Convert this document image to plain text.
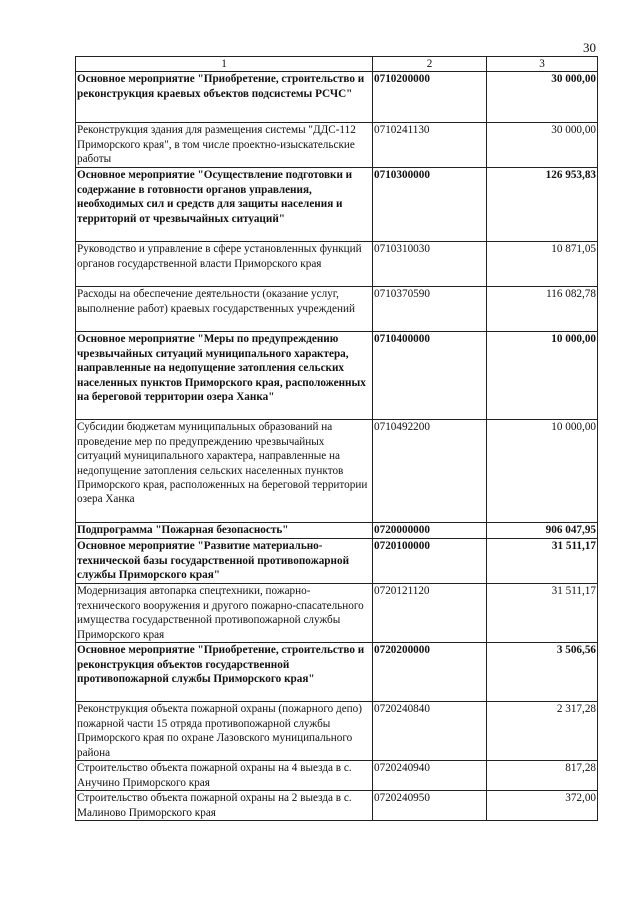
30
1	2	3
Основное мероприятие "Приобретение, строительство и реконструкция краевых объектов подсистемы РСЧС"	0710200000	30 000,00
Реконструкция здания для размещения системы "ДДС-112 Приморского края", в том числе проектно-изыскательские работы	0710241130	30 000,00
Основное мероприятие "Осуществление подготовки и содержание в готовности органов управления, необходимых сил и средств для защиты населения и территорий от чрезвычайных ситуаций"	0710300000	126 953,83
Руководство и управление в сфере установленных функций органов государственной власти Приморского края	0710310030	10 871,05
Расходы на обеспечение деятельности (оказание услуг, выполнение работ) краевых государственных учреждений	0710370590	116 082,78
Основное мероприятие "Меры по предупреждению чрезвычайных ситуаций муниципального характера, направленные на недопущение затопления сельских населенных пунктов Приморского края, расположенных на береговой территории озера Ханка"	0710400000	10 000,00
Субсидии бюджетам муниципальных образований на проведение мер по предупреждению чрезвычайных ситуаций муниципального характера, направленные на недопущение затопления сельских населенных пунктов Приморского края, расположенных на береговой территории озера Ханка	0710492200	10 000,00
Подпрограмма "Пожарная безопасность"	0720000000	906 047,95
Основное мероприятие "Развитие материально-технической базы государственной противопожарной службы Приморского края"	0720100000	31 511,17
Модернизация автопарка спецтехники, пожарно-технического вооружения и другого пожарно-спасательного имущества государственной противопожарной службы Приморского края	0720121120	31 511,17
Основное мероприятие "Приобретение, строительство и реконструкция объектов государственной противопожарной службы Приморского края"	0720200000	3 506,56
Реконструкция объекта пожарной охраны (пожарного депо) пожарной части 15 отряда противопожарной службы Приморского края по охране Лазовского муниципального района	0720240840	2 317,28
Строительство объекта пожарной охраны на 4 выезда в с. Анучино Приморского края	0720240940	817,28
Строительство объекта пожарной охраны на 2 выезда в с. Малиново Приморского края	0720240950	372,00
